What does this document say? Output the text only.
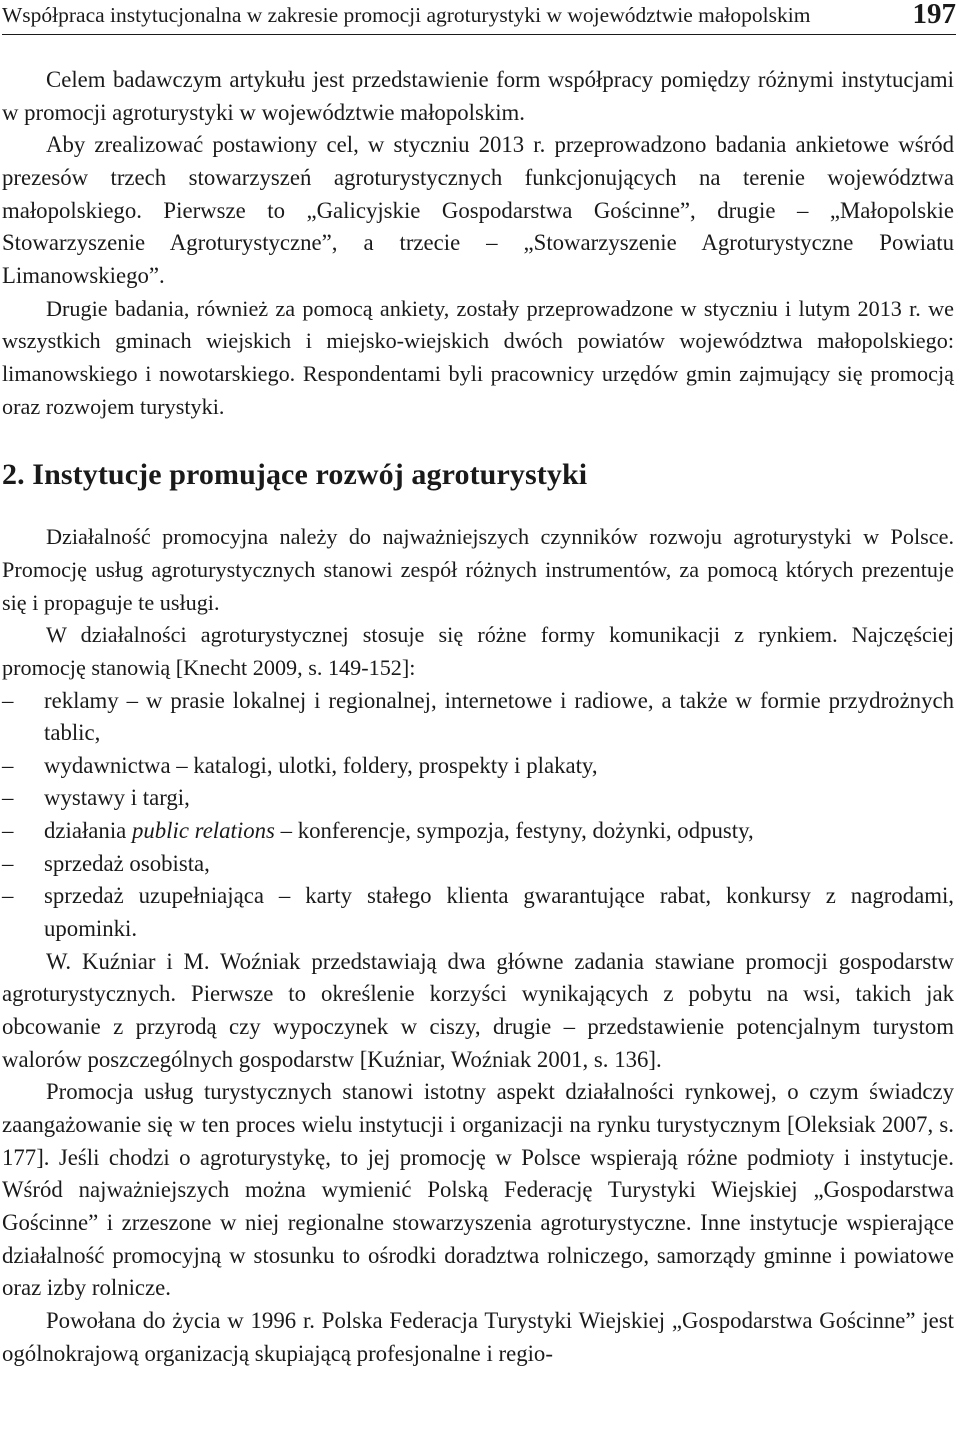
Współpraca instytucjonalna w zakresie promocji agroturystyki w województwie małopolskim	197

Celem badawczym artykułu jest przedstawienie form współpracy pomiędzy różnymi instytucjami w promocji agroturystyki w województwie małopolskim.

Aby zrealizować postawiony cel, w styczniu 2013 r. przeprowadzono badania ankietowe wśród prezesów trzech stowarzyszeń agroturystycznych funkcjonujących na terenie województwa małopolskiego. Pierwsze to „Galicyjskie Gospodarstwa Gościnne”, drugie – „Małopolskie Stowarzyszenie Agroturystyczne”, a trzecie – „Stowarzyszenie Agroturystyczne Powiatu Limanowskiego”.

Drugie badania, również za pomocą ankiety, zostały przeprowadzone w styczniu i lutym 2013 r. we wszystkich gminach wiejskich i miejsko-wiejskich dwóch powiatów województwa małopolskiego: limanowskiego i nowotarskiego. Respondentami byli pracownicy urzędów gmin zajmujący się promocją oraz rozwojem turystyki.

2. Instytucje promujące rozwój agroturystyki

Działalność promocyjna należy do najważniejszych czynników rozwoju agroturystyki w Polsce. Promocję usług agroturystycznych stanowi zespół różnych instrumentów, za pomocą których prezentuje się i propaguje te usługi.

W działalności agroturystycznej stosuje się różne formy komunikacji z rynkiem. Najczęściej promocję stanowią [Knecht 2009, s. 149-152]:

–	reklamy – w prasie lokalnej i regionalnej, internetowe i radiowe, a także w formie przydrożnych tablic,
–	wydawnictwa – katalogi, ulotki, foldery, prospekty i plakaty,
–	wystawy i targi,
–	działania public relations – konferencje, sympozja, festyny, dożynki, odpusty,
–	sprzedaż osobista,
–	sprzedaż uzupełniająca – karty stałego klienta gwarantujące rabat, konkursy z nagrodami, upominki.

W. Kuźniar i M. Woźniak przedstawiają dwa główne zadania stawiane promocji gospodarstw agroturystycznych. Pierwsze to określenie korzyści wynikających z pobytu na wsi, takich jak obcowanie z przyrodą czy wypoczynek w ciszy, drugie – przedstawienie potencjalnym turystom walorów poszczególnych gospodarstw [Kuźniar, Woźniak 2001, s. 136].

Promocja usług turystycznych stanowi istotny aspekt działalności rynkowej, o czym świadczy zaangażowanie się w ten proces wielu instytucji i organizacji na rynku turystycznym [Oleksiak 2007, s. 177]. Jeśli chodzi o agroturystykę, to jej promocję w Polsce wspierają różne podmioty i instytucje. Wśród najważniejszych można wymienić Polską Federację Turystyki Wiejskiej „Gospodarstwa Gościnne” i zrzeszone w niej regionalne stowarzyszenia agroturystyczne. Inne instytucje wspierające działalność promocyjną w stosunku to ośrodki doradztwa rolniczego, samorządy gminne i powiatowe oraz izby rolnicze.

Powołana do życia w 1996 r. Polska Federacja Turystyki Wiejskiej „Gospodarstwa Gościnne” jest ogólnokrajową organizacją skupiającą profesjonalne i regio-
